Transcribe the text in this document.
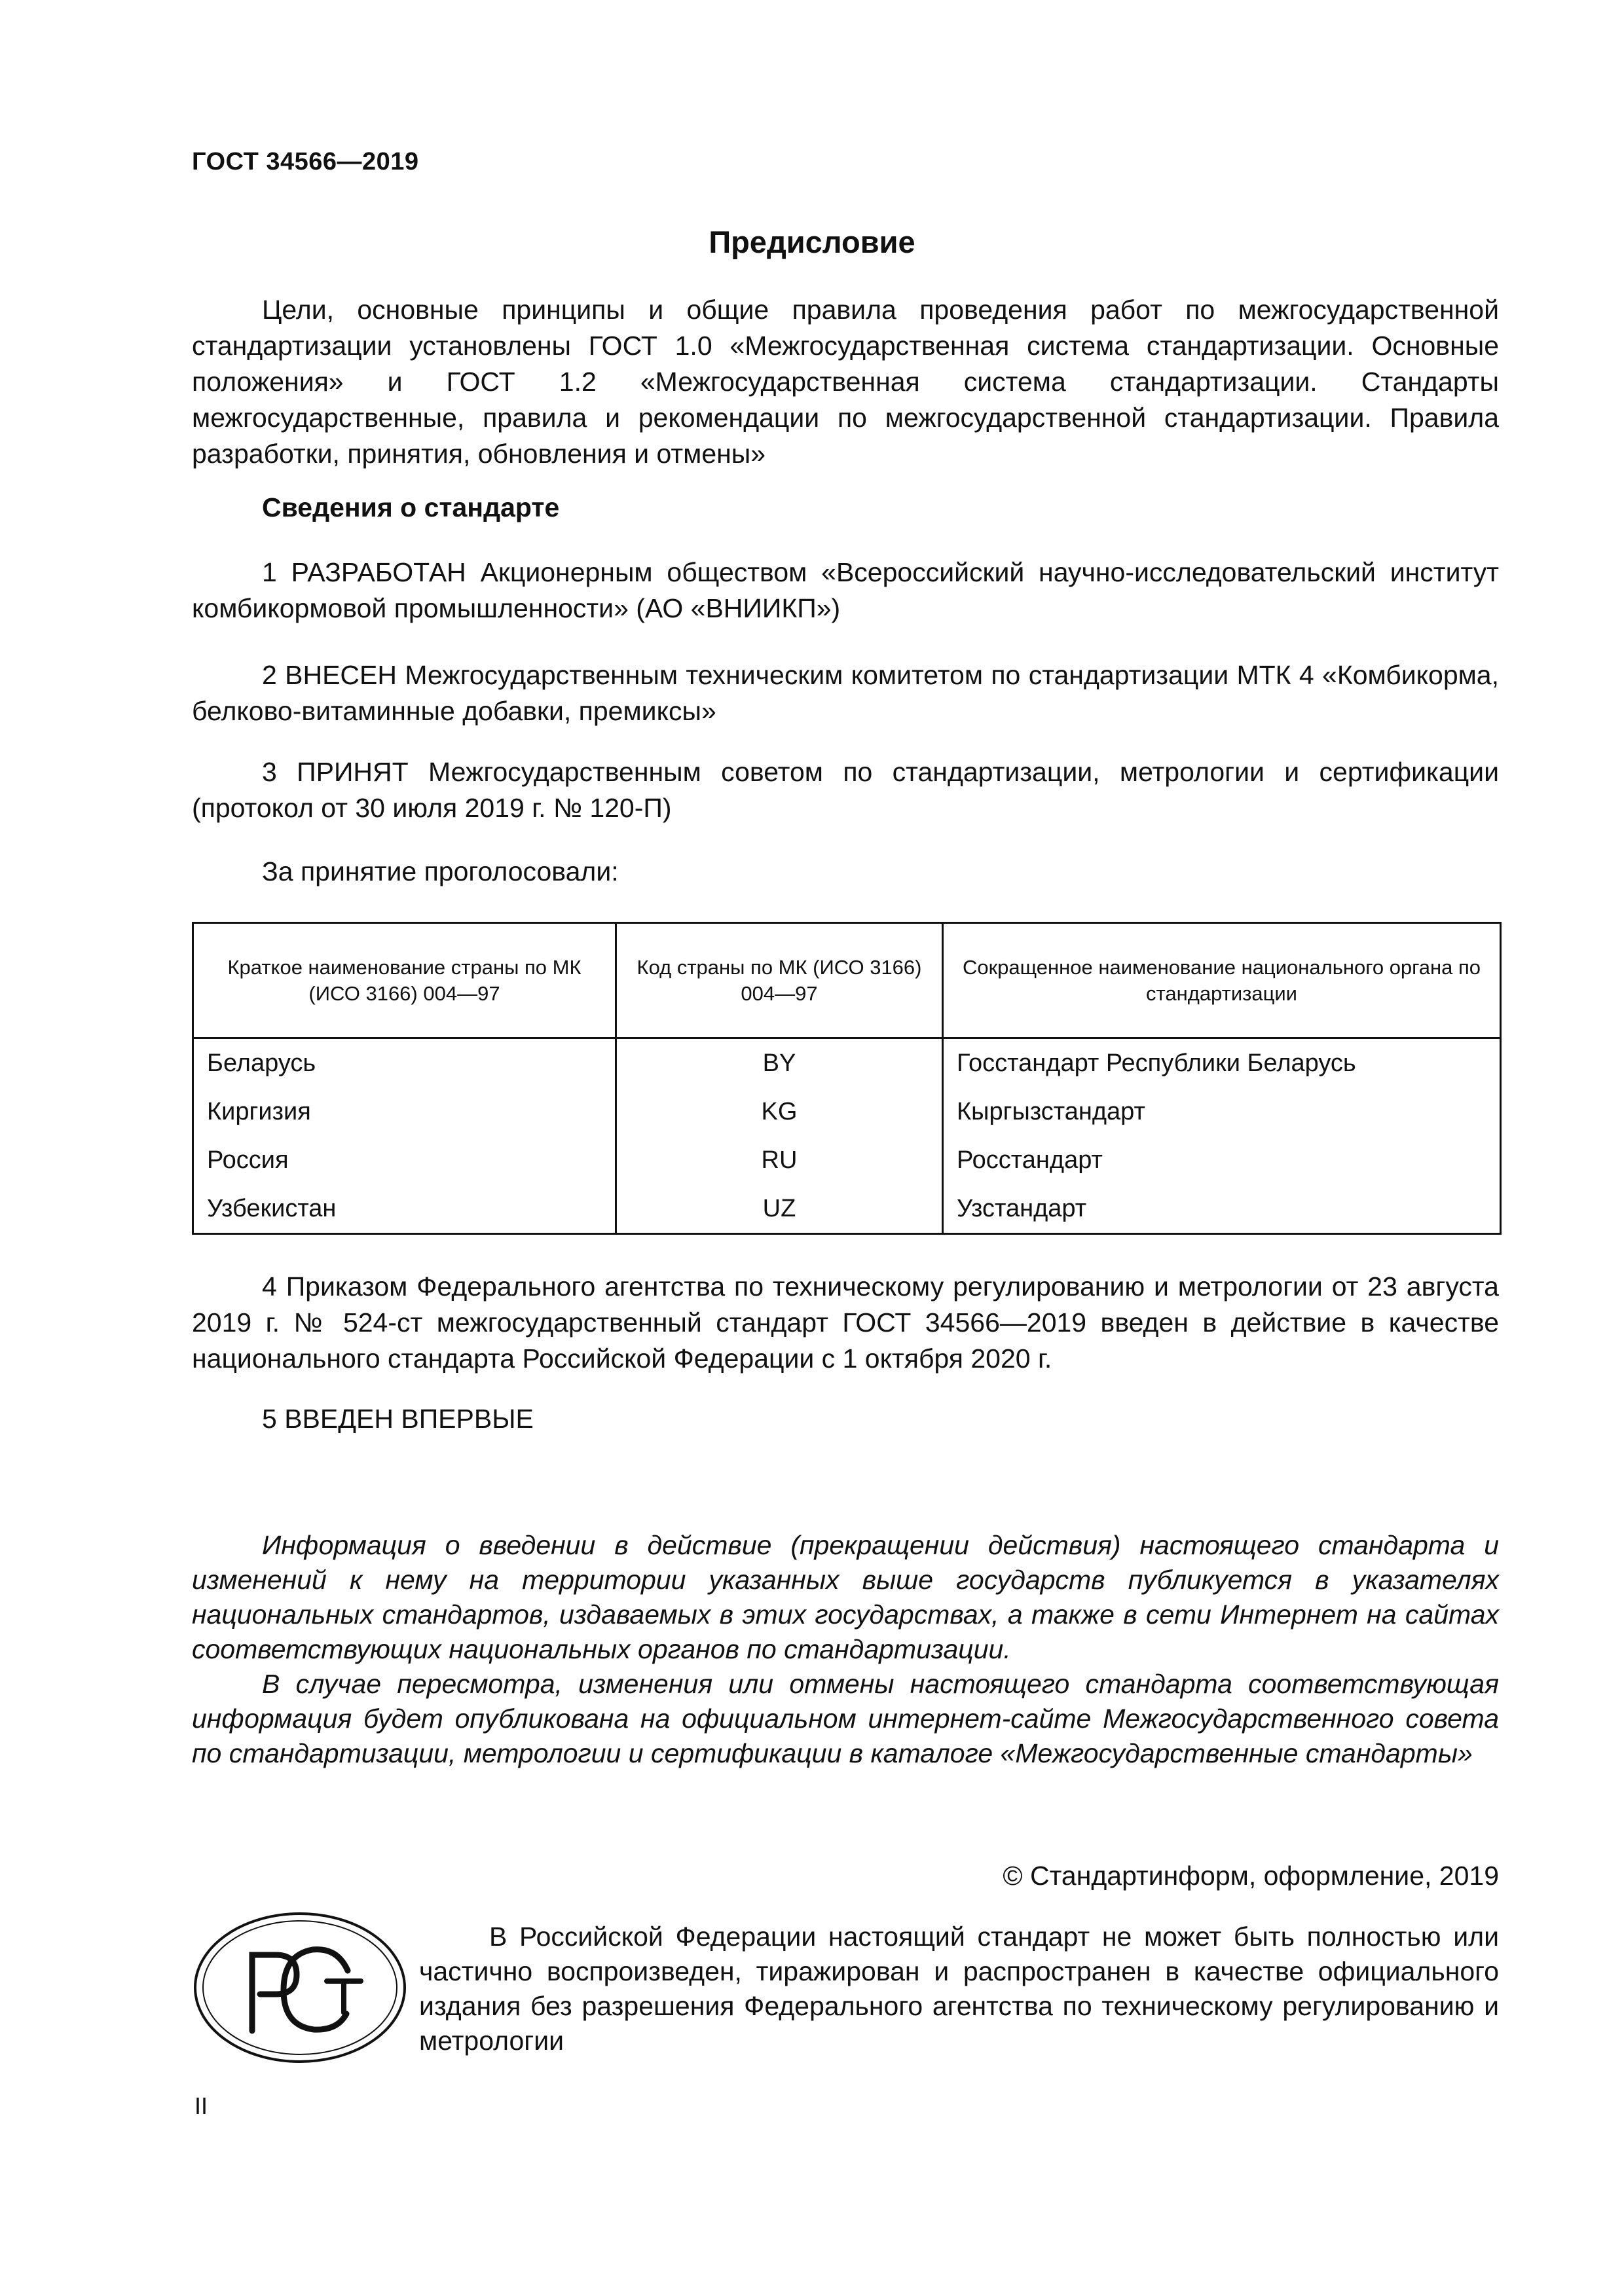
ГОСТ 34566—2019
Предисловие

Цели, основные принципы и общие правила проведения работ по межгосударственной стандартизации установлены ГОСТ 1.0 «Межгосударственная система стандартизации. Основные положения» и ГОСТ 1.2 «Межгосударственная система стандартизации. Стандарты межгосударственные, правила и рекомендации по межгосударственной стандартизации. Правила разработки, принятия, обновления и отмены»

Сведения о стандарте

1 РАЗРАБОТАН Акционерным обществом «Всероссийский научно-исследовательский институт комбикормовой промышленности» (АО «ВНИИКП»)

2 ВНЕСЕН Межгосударственным техническим комитетом по стандартизации МТК 4 «Комбикорма, белково-витаминные добавки, премиксы»

3 ПРИНЯТ Межгосударственным советом по стандартизации, метрологии и сертификации (протокол от 30 июля 2019 г. № 120-П)

За принятие проголосовали:
Краткое наименование страны по МК (ИСО 3166) 004—97	Код страны по МК (ИСО 3166) 004—97	Сокращенное наименование национального органа по стандартизации
Беларусь	BY	Госстандарт Республики Беларусь
Киргизия	KG	Кыргызстандарт
Россия	RU	Росстандарт
Узбекистан	UZ	Узстандарт

4 Приказом Федерального агентства по техническому регулированию и метрологии от 23 августа 2019 г. № 524-ст межгосударственный стандарт ГОСТ 34566—2019 введен в действие в качестве национального стандарта Российской Федерации с 1 октября 2020 г.

5 ВВЕДЕН ВПЕРВЫЕ

Информация о введении в действие (прекращении действия) настоящего стандарта и изменений к нему на территории указанных выше государств публикуется в указателях национальных стандартов, издаваемых в этих государствах, а также в сети Интернет на сайтах соответствующих национальных органов по стандартизации.

В случае пересмотра, изменения или отмены настоящего стандарта соответствующая информация будет опубликована на официальном интернет-сайте Межгосударственного совета по стандартизации, метрологии и сертификации в каталоге «Межгосударственные стандарты»

© Стандартинформ, оформление, 2019

В Российской Федерации настоящий стандарт не может быть полностью или частично воспроизведен, тиражирован и распространен в качестве официального издания без разрешения Федерального агентства по техническому регулированию и метрологии

II
